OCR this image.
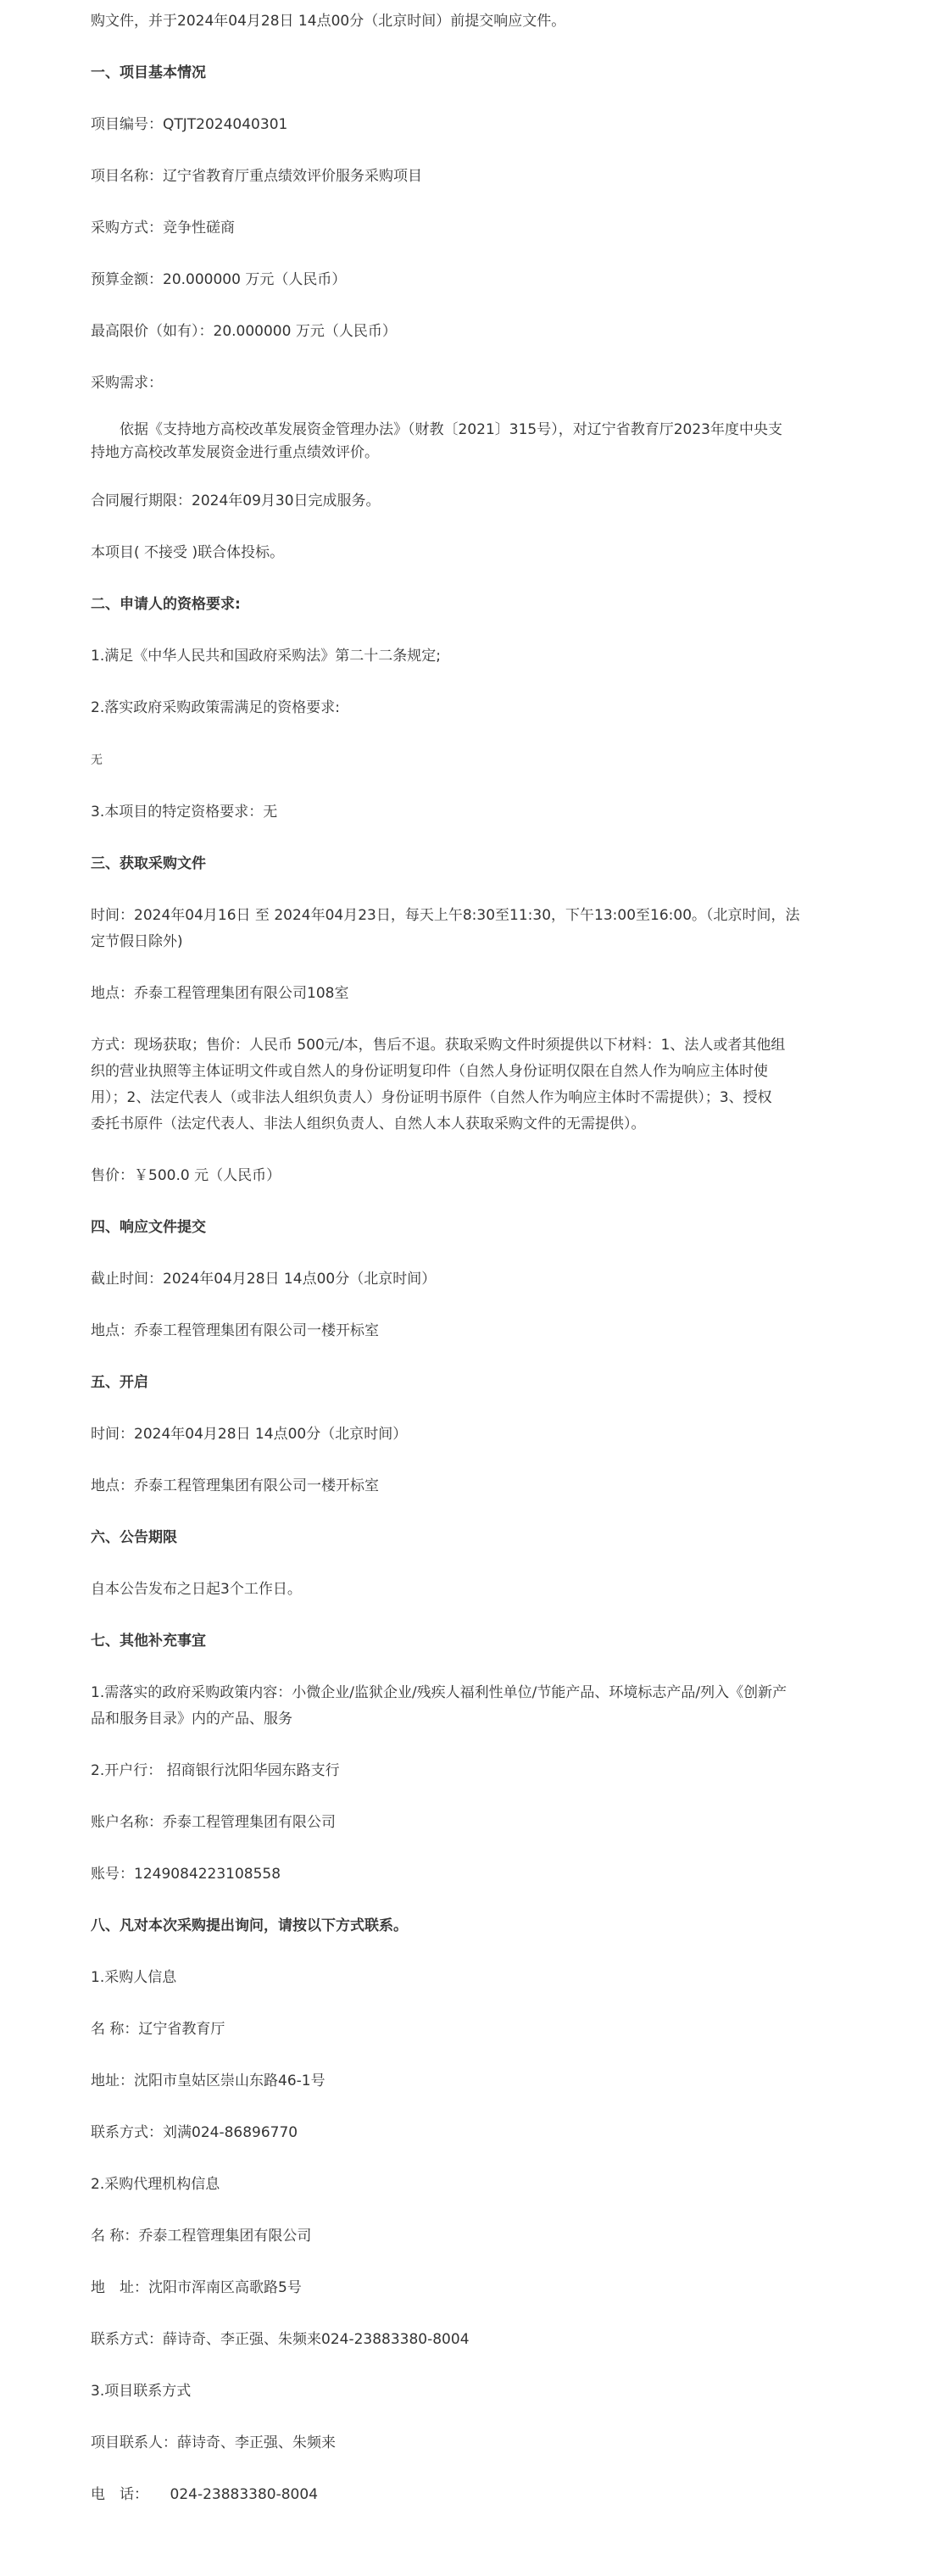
购文件，并于2024年04月28日 14点00分（北京时间）前提交响应文件。

一、项目基本情况

项目编号：QTJT2024040301

项目名称：辽宁省教育厅重点绩效评价服务采购项目

采购方式：竞争性磋商

预算金额：20.000000 万元（人民币）

最高限价（如有）：20.000000 万元（人民币）

采购需求：

依据《支持地方高校改革发展资金管理办法》（财教〔2021〕315号），对辽宁省教育厅2023年度中央支

持地方高校改革发展资金进行重点绩效评价。

合同履行期限：2024年09月30日完成服务。

本项目( 不接受 )联合体投标。

二、申请人的资格要求:

1.满足《中华人民共和国政府采购法》第二十二条规定;

2.落实政府采购政策需满足的资格要求:

无

3.本项目的特定资格要求：无

三、获取采购文件

时间：2024年04月16日 至 2024年04月23日，每天上午8:30至11:30，下午13:00至16:00。（北京时间，法

定节假日除外)

地点：乔泰工程管理集团有限公司108室

方式：现场获取；售价：人民币 500元/本，售后不退。获取采购文件时须提供以下材料：1、法人或者其他组

织的营业执照等主体证明文件或自然人的身份证明复印件（自然人身份证明仅限在自然人作为响应主体时使

用）；2、法定代表人（或非法人组织负责人）身份证明书原件（自然人作为响应主体时不需提供）；3、授权

委托书原件（法定代表人、非法人组织负责人、自然人本人获取采购文件的无需提供）。

售价：￥500.0 元（人民币）

四、响应文件提交

截止时间：2024年04月28日 14点00分（北京时间）

地点：乔泰工程管理集团有限公司一楼开标室

五、开启

时间：2024年04月28日 14点00分（北京时间）

地点：乔泰工程管理集团有限公司一楼开标室

六、公告期限

自本公告发布之日起3个工作日。

七、其他补充事宜

1.需落实的政府采购政策内容：小微企业/监狱企业/残疾人福利性单位/节能产品、环境标志产品/列入《创新产

品和服务目录》内的产品、服务

2.开户行： 招商银行沈阳华园东路支行

账户名称：乔泰工程管理集团有限公司

账号：1249084223108558

八、凡对本次采购提出询问，请按以下方式联系。

1.采购人信息

名 称：辽宁省教育厅

地址：沈阳市皇姑区崇山东路46-1号

联系方式：刘满024-86896770

2.采购代理机构信息

名 称：乔泰工程管理集团有限公司

地　址：沈阳市浑南区高歌路5号

联系方式：薛诗奇、李正强、朱频来024-23883380-8004

3.项目联系方式

项目联系人：薛诗奇、李正强、朱频来

电　话：　　024-23883380-8004
